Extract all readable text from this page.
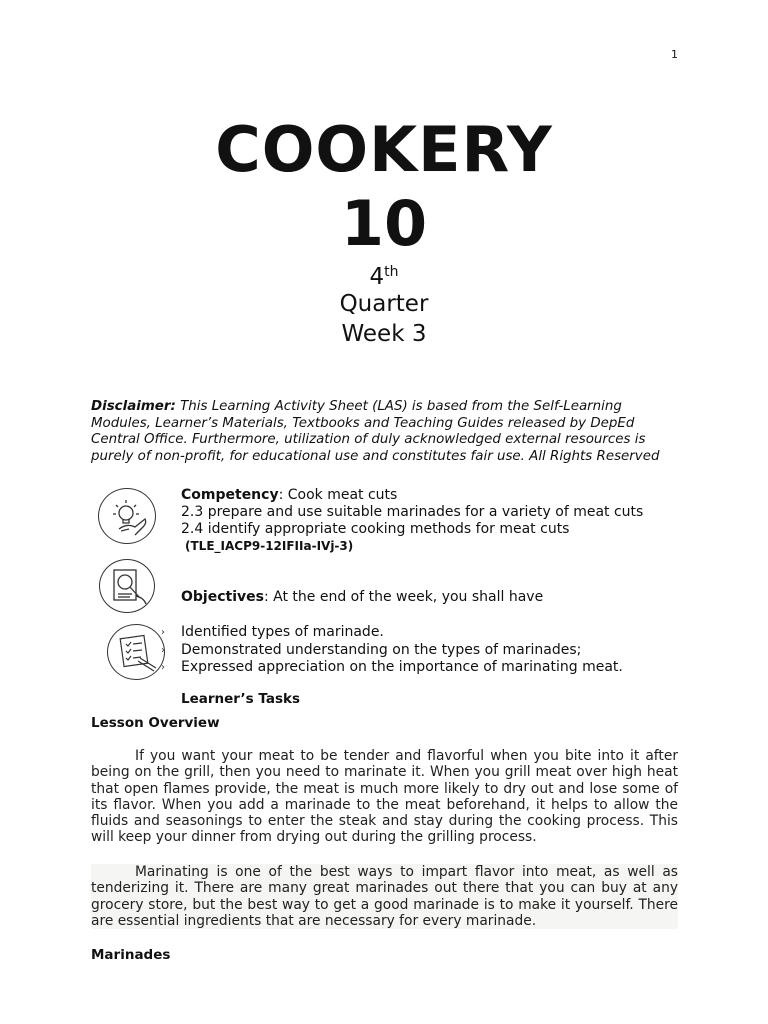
1
COOKERY
10
4th
Quarter
Week 3
Disclaimer: This Learning Activity Sheet (LAS) is based from the Self-Learning Modules, Learner’s Materials, Textbooks and Teaching Guides released by DepEd Central Office. Furthermore, utilization of duly acknowledged external resources is purely of non-profit, for educational use and constitutes fair use. All Rights Reserved
Competency: Cook meat cuts
2.3 prepare and use suitable marinades for a variety of meat cuts
2.4 identify appropriate cooking methods for meat cuts
(TLE_IACP9-12IFIIa-IVj-3)
Objectives: At the end of the week, you shall have
›
›
›
Identified types of marinade.
Demonstrated understanding on the types of marinades;
Expressed appreciation on the importance of marinating meat.
Learner’s Tasks
Lesson Overview
If you want your meat to be tender and flavorful when you bite into it after being on the grill, then you need to marinate it. When you grill meat over high heat that open flames provide, the meat is much more likely to dry out and lose some of its flavor. When you add a marinade to the meat beforehand, it helps to allow the fluids and seasonings to enter the steak and stay during the cooking process. This will keep your dinner from drying out during the grilling process.
Marinating is one of the best ways to impart flavor into meat, as well as tenderizing it. There are many great marinades out there that you can buy at any grocery store, but the best way to get a good marinade is to make it yourself. There are essential ingredients that are necessary for every marinade.
Marinades
